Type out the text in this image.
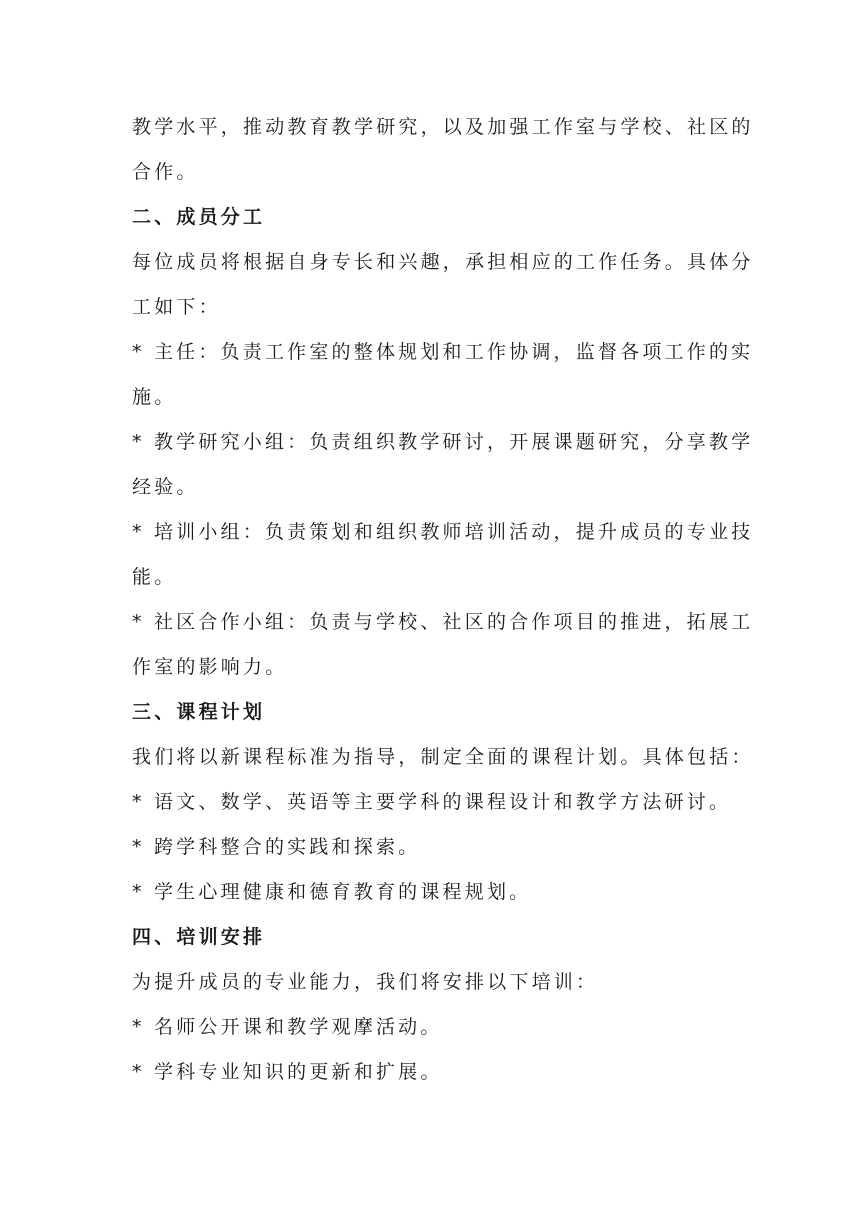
教学水平，推动教育教学研究，以及加强工作室与学校、社区的
合作。
二、成员分工
每位成员将根据自身专长和兴趣，承担相应的工作任务。具体分
工如下：
* 主任：负责工作室的整体规划和工作协调，监督各项工作的实
施。
* 教学研究小组：负责组织教学研讨，开展课题研究，分享教学
经验。
* 培训小组：负责策划和组织教师培训活动，提升成员的专业技
能。
* 社区合作小组：负责与学校、社区的合作项目的推进，拓展工
作室的影响力。
三、课程计划
我们将以新课程标准为指导，制定全面的课程计划。具体包括：
* 语文、数学、英语等主要学科的课程设计和教学方法研讨。
* 跨学科整合的实践和探索。
* 学生心理健康和德育教育的课程规划。
四、培训安排
为提升成员的专业能力，我们将安排以下培训：
* 名师公开课和教学观摩活动。
* 学科专业知识的更新和扩展。
